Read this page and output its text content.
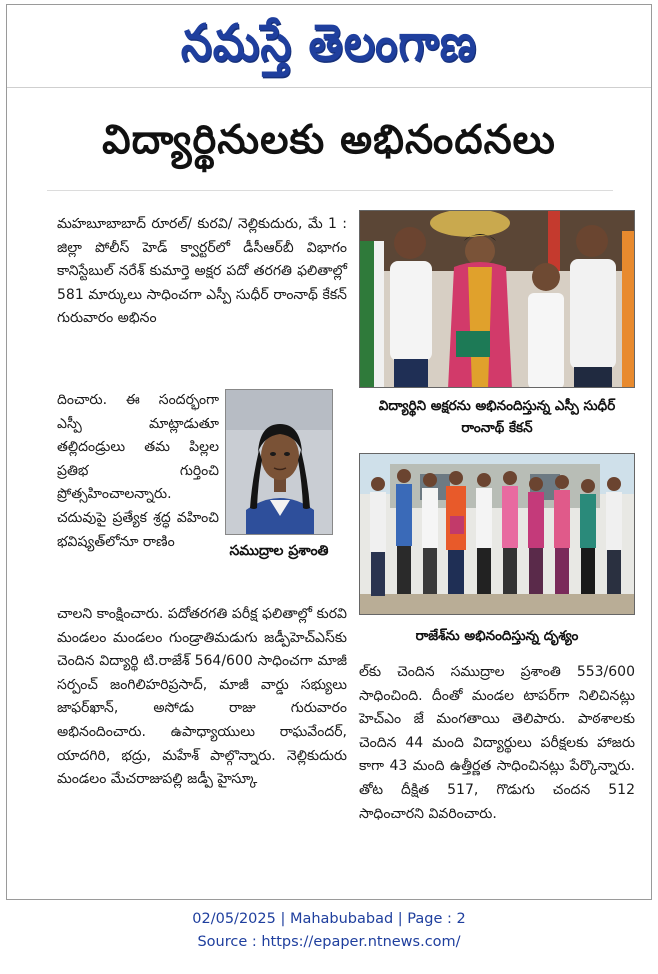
నమస్తే తెలంగాణ
విద్యార్థినులకు అభినందనలు

మహబూబాబాద్ రూరల్/ కురవి/ నెల్లికుదురు, మే 1 : జిల్లా పోలీస్ హెడ్ క్వార్టర్‌లో డీసీఆర్‌బీ విభాగం కానిస్టేబుల్ నరేశ్ కుమార్తె అక్షర పదో తరగతి ఫలితాల్లో 581 మార్కులు సాధించగా ఎస్పీ సుధీర్ రాంనాథ్ కేకన్ గురువారం అభినం

దించారు. ఈ సందర్భంగా ఎస్పీ మాట్లాడుతూ తల్లిదండ్రులు తమ పిల్లల ప్రతిభ గుర్తించి ప్రోత్సహించాలన్నారు. చదువుపై ప్రత్యేక శ్రద్ధ వహించి భవిష్యత్‌లోనూ రాణిం

సముద్రాల ప్రశాంతి

చాలని కాంక్షించారు. పదోతరగతి పరీక్ష ఫలితాల్లో కురవి మండలం మండలం గుండ్రాతిమడుగు జడ్పీహెచ్‌ఎస్‌కు చెందిన విద్యార్థి టి.రాజేశ్ 564/600 సాధించగా మాజీ సర్పంచ్ జంగిలిహరిప్రసాద్, మాజీ వార్డు సభ్యులు జాఫర్‌ఖాన్, అసోడు రాజు గురువారం అభినందించారు. ఉపాధ్యాయులు రాఘవేందర్, యాదగిరి, భద్రు, మహేశ్ పాల్గొన్నారు. నెల్లికుదురు మండలం మేచరాజుపల్లి జడ్పీ హైస్కూ

విద్యార్థిని అక్షరను అభినందిస్తున్న ఎస్పీ సుధీర్ రాంనాథ్ కేకన్
రాజేశ్‌ను అభినందిస్తున్న దృశ్యం

ల్‌కు చెందిన సముద్రాల ప్రశాంతి 553/600 సాధించింది. దీంతో మండల టాపర్‌గా నిలిచినట్లు హెచ్‌ఎం జే మంగతాయి తెలిపారు. పాఠశాలకు చెందిన 44 మంది విద్యార్థులు పరీక్షలకు హాజరు కాగా 43 మంది ఉత్తీర్ణత సాధించినట్లు పేర్కొన్నారు. తోట దీక్షిత 517, గొడుగు చందన 512 సాధించారని వివరించారు.

02/05/2025 | Mahabubabad | Page : 2
Source : https://epaper.ntnews.com/
